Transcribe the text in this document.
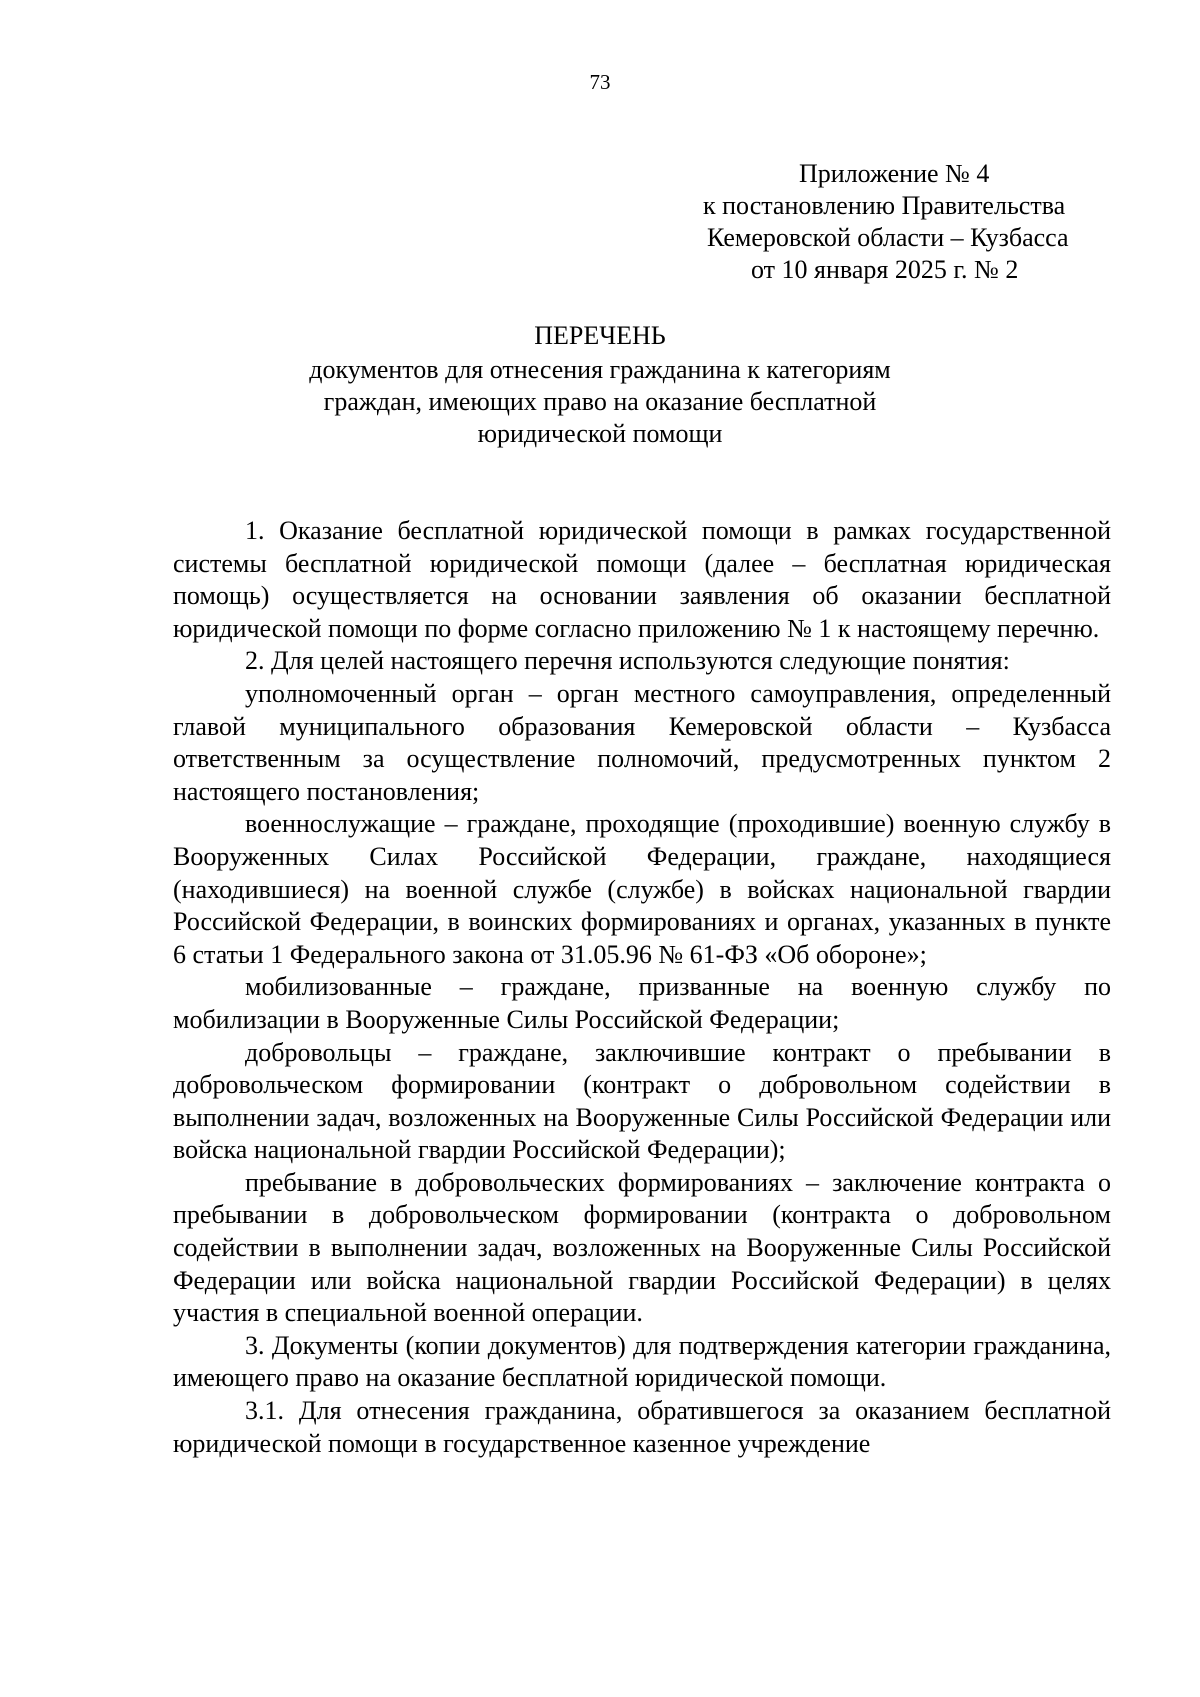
73
Приложение № 4
к постановлению Правительства
Кемеровской области – Кузбасса
от 10 января 2025 г. № 2
ПЕРЕЧЕНЬ
документов для отнесения гражданина к категориям
граждан, имеющих право на оказание бесплатной
юридической помощи

1. Оказание бесплатной юридической помощи в рамках государственной системы бесплатной юридической помощи (далее – бесплатная юридическая помощь) осуществляется на основании заявления об оказании бесплатной юридической помощи по форме согласно приложению № 1 к настоящему перечню.

2. Для целей настоящего перечня используются следующие понятия:

уполномоченный орган – орган местного самоуправления, определенный главой муниципального образования Кемеровской области – Кузбасса ответственным за осуществление полномочий, предусмотренных пунктом 2 настоящего постановления;

военнослужащие – граждане, проходящие (проходившие) военную службу в Вооруженных Силах Российской Федерации, граждане, находящиеся (находившиеся) на военной службе (службе) в войсках национальной гвардии Российской Федерации, в воинских формированиях и органах, указанных в пункте 6 статьи 1 Федерального закона от 31.05.96 № 61-ФЗ «Об обороне»;

мобилизованные – граждане, призванные на военную службу по мобилизации в Вооруженные Силы Российской Федерации;

добровольцы – граждане, заключившие контракт о пребывании в добровольческом формировании (контракт о добровольном содействии в выполнении задач, возложенных на Вооруженные Силы Российской Федерации или войска национальной гвардии Российской Федерации);

пребывание в добровольческих формированиях – заключение контракта о пребывании в добровольческом формировании (контракта о добровольном содействии в выполнении задач, возложенных на Вооруженные Силы Российской Федерации или войска национальной гвардии Российской Федерации) в целях участия в специальной военной операции.

3. Документы (копии документов) для подтверждения категории гражданина, имеющего право на оказание бесплатной юридической помощи.

3.1. Для отнесения гражданина, обратившегося за оказанием бесплатной юридической помощи в государственное казенное учреждение
